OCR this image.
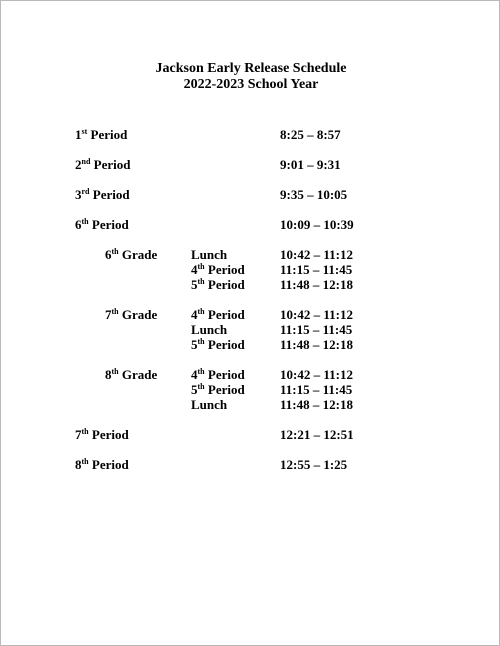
Jackson Early Release Schedule
2022-2023 School Year
1st Period	8:25 – 8:57
2nd Period	9:01 – 9:31
3rd Period	9:35 – 10:05
6th Period	10:09 – 10:39
6th Grade	Lunch	10:42 – 11:12
4th Period	11:15 – 11:45
5th Period	11:48 – 12:18
7th Grade	4th Period	10:42 – 11:12
Lunch	11:15 – 11:45
5th Period	11:48 – 12:18
8th Grade	4th Period	10:42 – 11:12
5th Period	11:15 – 11:45
Lunch	11:48 – 12:18
7th Period	12:21 – 12:51
8th Period	12:55 – 1:25
